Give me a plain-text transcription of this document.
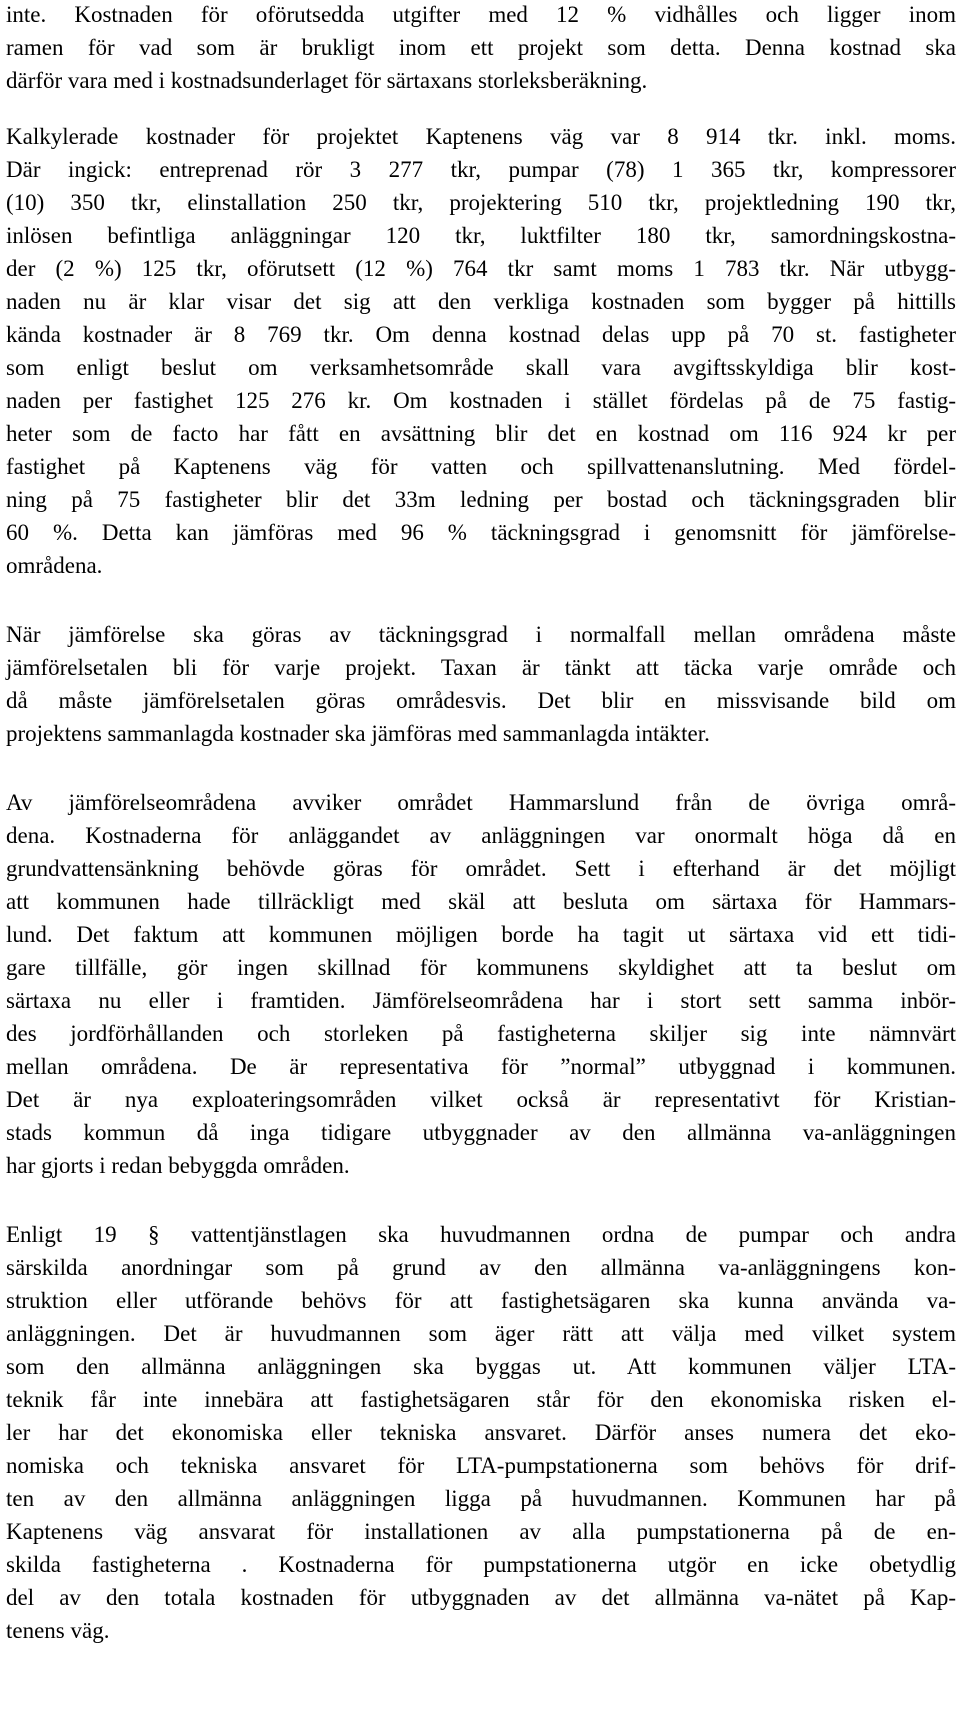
inte. Kostnaden för oförutsedda utgifter med 12 % vidhålles och ligger inom
ramen för vad som är brukligt inom ett projekt som detta. Denna kostnad ska
därför vara med i kostnadsunderlaget för särtaxans storleksberäkning.
Kalkylerade kostnader för projektet Kaptenens väg var 8 914 tkr. inkl. moms.
Där ingick: entreprenad rör 3 277 tkr, pumpar (78) 1 365 tkr, kompressorer
(10) 350 tkr, elinstallation 250 tkr, projektering 510 tkr, projektledning 190 tkr,
inlösen befintliga anläggningar 120 tkr, luktfilter 180 tkr, samordningskostna-
der (2 %) 125 tkr, oförutsett (12 %) 764 tkr samt moms 1 783 tkr. När utbygg-
naden nu är klar visar det sig att den verkliga kostnaden som bygger på hittills
kända kostnader är 8 769 tkr. Om denna kostnad delas upp på 70 st. fastigheter
som enligt beslut om verksamhetsområde skall vara avgiftsskyldiga blir kost-
naden per fastighet 125 276 kr. Om kostnaden i stället fördelas på de 75 fastig-
heter som de facto har fått en avsättning blir det en kostnad om 116 924 kr per
fastighet på Kaptenens väg för vatten och spillvattenanslutning. Med fördel-
ning på 75 fastigheter blir det 33m ledning per bostad och täckningsgraden blir
60 %. Detta kan jämföras med 96 % täckningsgrad i genomsnitt för jämförelse-
områdena.
När jämförelse ska göras av täckningsgrad i normalfall mellan områdena måste
jämförelsetalen bli för varje projekt. Taxan är tänkt att täcka varje område och
då måste jämförelsetalen göras områdesvis. Det blir en missvisande bild om
projektens sammanlagda kostnader ska jämföras med sammanlagda intäkter.
Av jämförelseområdena avviker området Hammarslund från de övriga områ-
dena. Kostnaderna för anläggandet av anläggningen var onormalt höga då en
grundvattensänkning behövde göras för området. Sett i efterhand är det möjligt
att kommunen hade tillräckligt med skäl att besluta om särtaxa för Hammars-
lund. Det faktum att kommunen möjligen borde ha tagit ut särtaxa vid ett tidi-
gare tillfälle, gör ingen skillnad för kommunens skyldighet att ta beslut om
särtaxa nu eller i framtiden. Jämförelseområdena har i stort sett samma inbör-
des jordförhållanden och storleken på fastigheterna skiljer sig inte nämnvärt
mellan områdena. De är representativa för ”normal” utbyggnad i kommunen.
Det är nya exploateringsområden vilket också är representativt för Kristian-
stads kommun då inga tidigare utbyggnader av den allmänna va-anläggningen
har gjorts i redan bebyggda områden.
Enligt 19 § vattentjänstlagen ska huvudmannen ordna de pumpar och andra
särskilda anordningar som på grund av den allmänna va-anläggningens kon-
struktion eller utförande behövs för att fastighetsägaren ska kunna använda va-
anläggningen. Det är huvudmannen som äger rätt att välja med vilket system
som den allmänna anläggningen ska byggas ut. Att kommunen väljer LTA-
teknik får inte innebära att fastighetsägaren står för den ekonomiska risken el-
ler har det ekonomiska eller tekniska ansvaret. Därför anses numera det eko-
nomiska och tekniska ansvaret för LTA-pumpstationerna som behövs för drif-
ten av den allmänna anläggningen ligga på huvudmannen. Kommunen har på
Kaptenens väg ansvarat för installationen av alla pumpstationerna på de en-
skilda fastigheterna . Kostnaderna för pumpstationerna utgör en icke obetydlig
del av den totala kostnaden för utbyggnaden av det allmänna va-nätet på Kap-
tenens väg.
